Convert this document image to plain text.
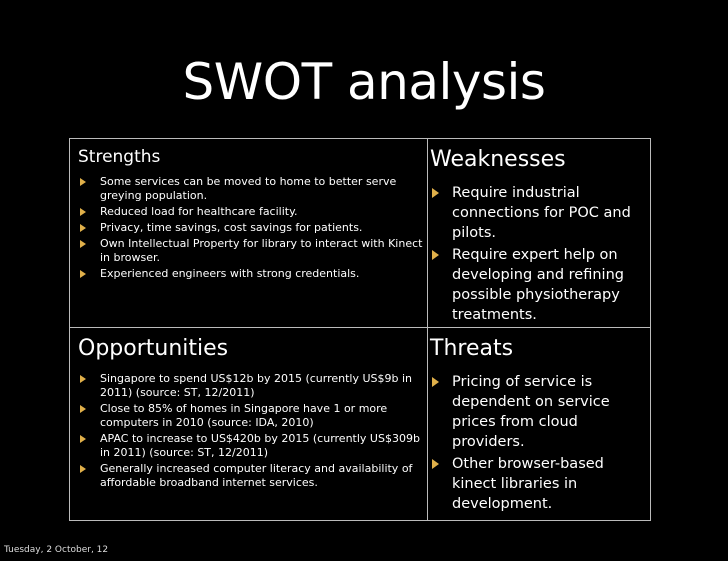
SWOT analysis
Strengths
Some services can be moved to home to better serve greying population.
Reduced load for healthcare facility.
Privacy, time savings, cost savings for patients.
Own Intellectual Property for library to interact with Kinect in browser.
Experienced engineers with strong credentials.
Weaknesses
Require industrial connections for POC and pilots.
Require expert help on developing and refining possible physiotherapy treatments.
Opportunities
Singapore to spend US$12b by 2015 (currently US$9b in 2011) (source: ST, 12/2011)
Close to 85% of homes in Singapore have 1 or more computers in 2010 (source: IDA, 2010)
APAC to increase to US$420b by 2015 (currently US$309b in 2011) (source: ST, 12/2011)
Generally increased computer literacy and availability of affordable broadband internet services.
Threats
Pricing of service is dependent on service prices from cloud providers.
Other browser-based kinect libraries in development.
Tuesday, 2 October, 12
